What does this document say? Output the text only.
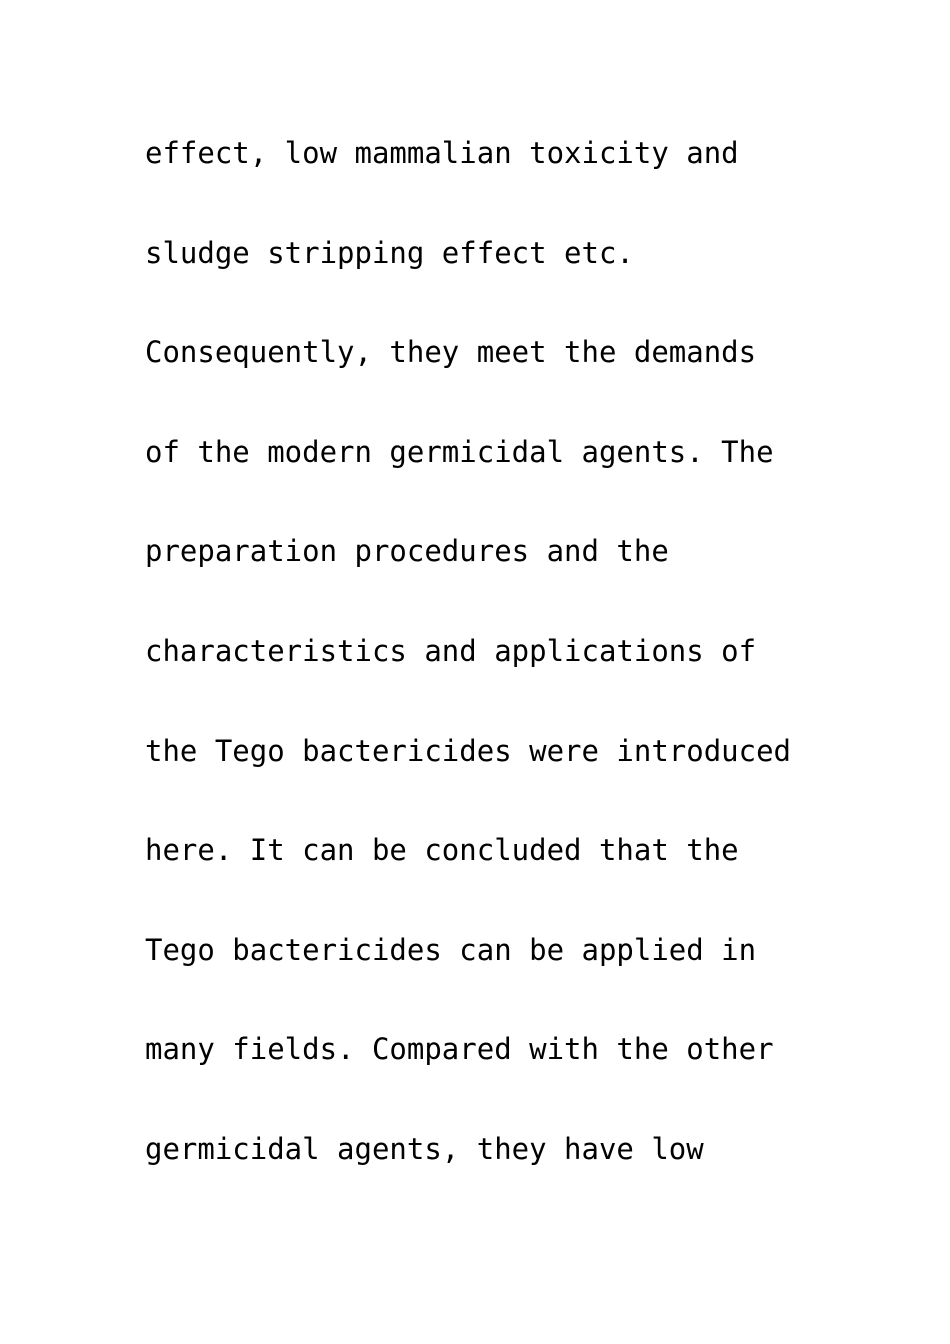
effect, low mammalian toxicity and
sludge stripping effect etc.
Consequently, they meet the demands
of the modern germicidal agents. The
preparation procedures and the
characteristics and applications of
the Tego bactericides were introduced
here. It can be concluded that the
Tego bactericides can be applied in
many fields. Compared with the other
germicidal agents, they have low
